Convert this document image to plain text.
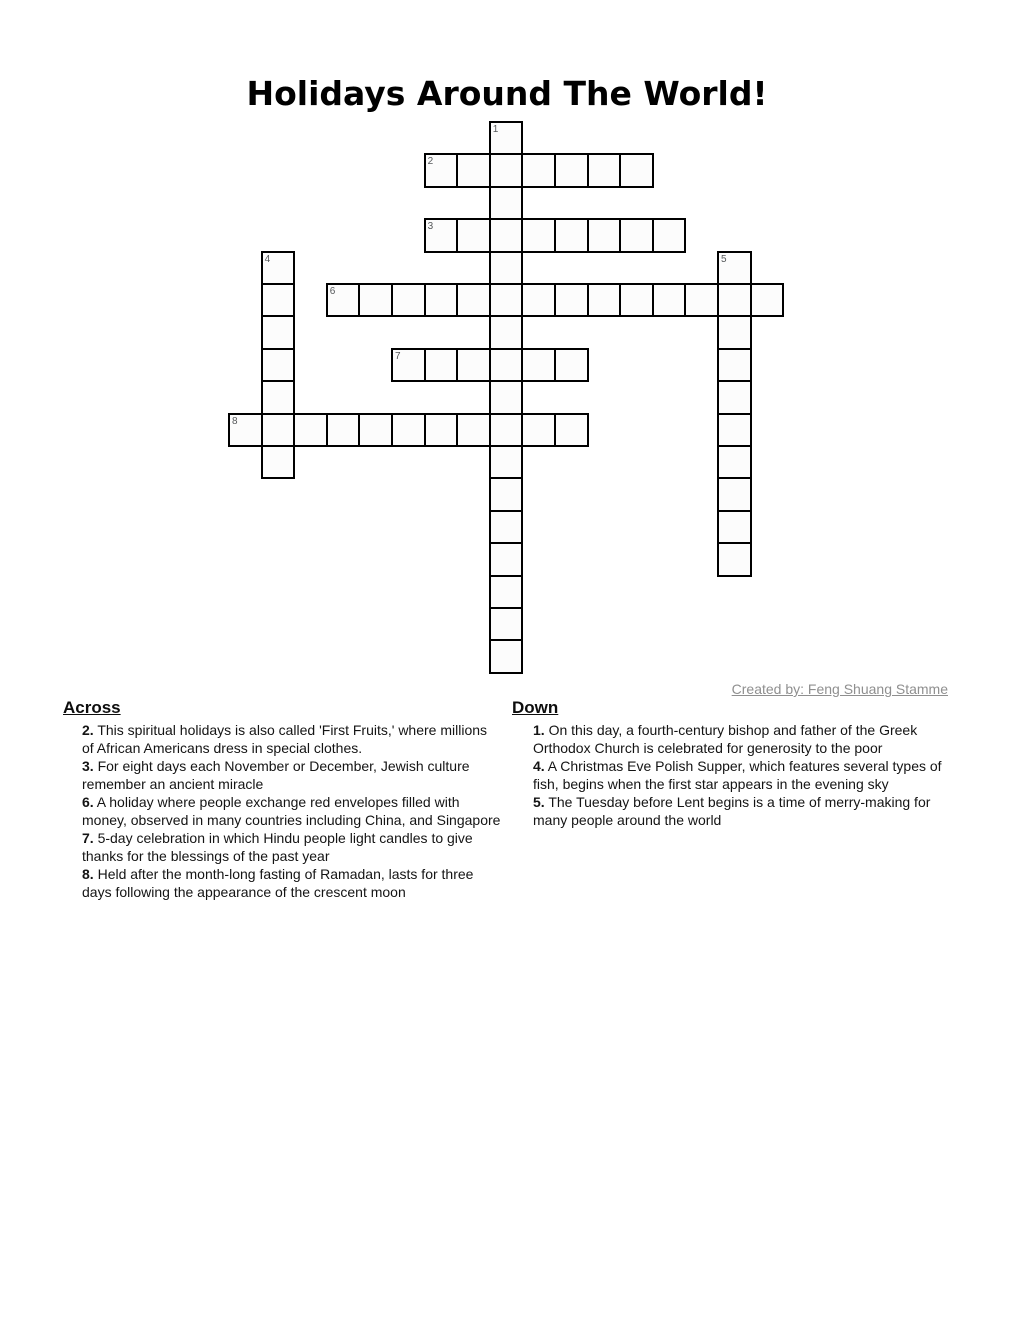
Holidays Around The World!
1
2
3
4	5
6
7
8
Created by: Feng Shuang Stamme
Across
2. This spiritual holidays is also called 'First Fruits,' where millions of African Americans dress in special clothes.
3. For eight days each November or December, Jewish culture remember an ancient miracle
6. A holiday where people exchange red envelopes filled with money, observed in many countries including China, and Singapore
7. 5-day celebration in which Hindu people light candles to give thanks for the blessings of the past year
8. Held after the month-long fasting of Ramadan, lasts for three days following the appearance of the crescent moon
Down
1. On this day, a fourth-century bishop and father of the Greek Orthodox Church is celebrated for generosity to the poor
4. A Christmas Eve Polish Supper, which features several types of fish, begins when the first star appears in the evening sky
5. The Tuesday before Lent begins is a time of merry-making for many people around the world
